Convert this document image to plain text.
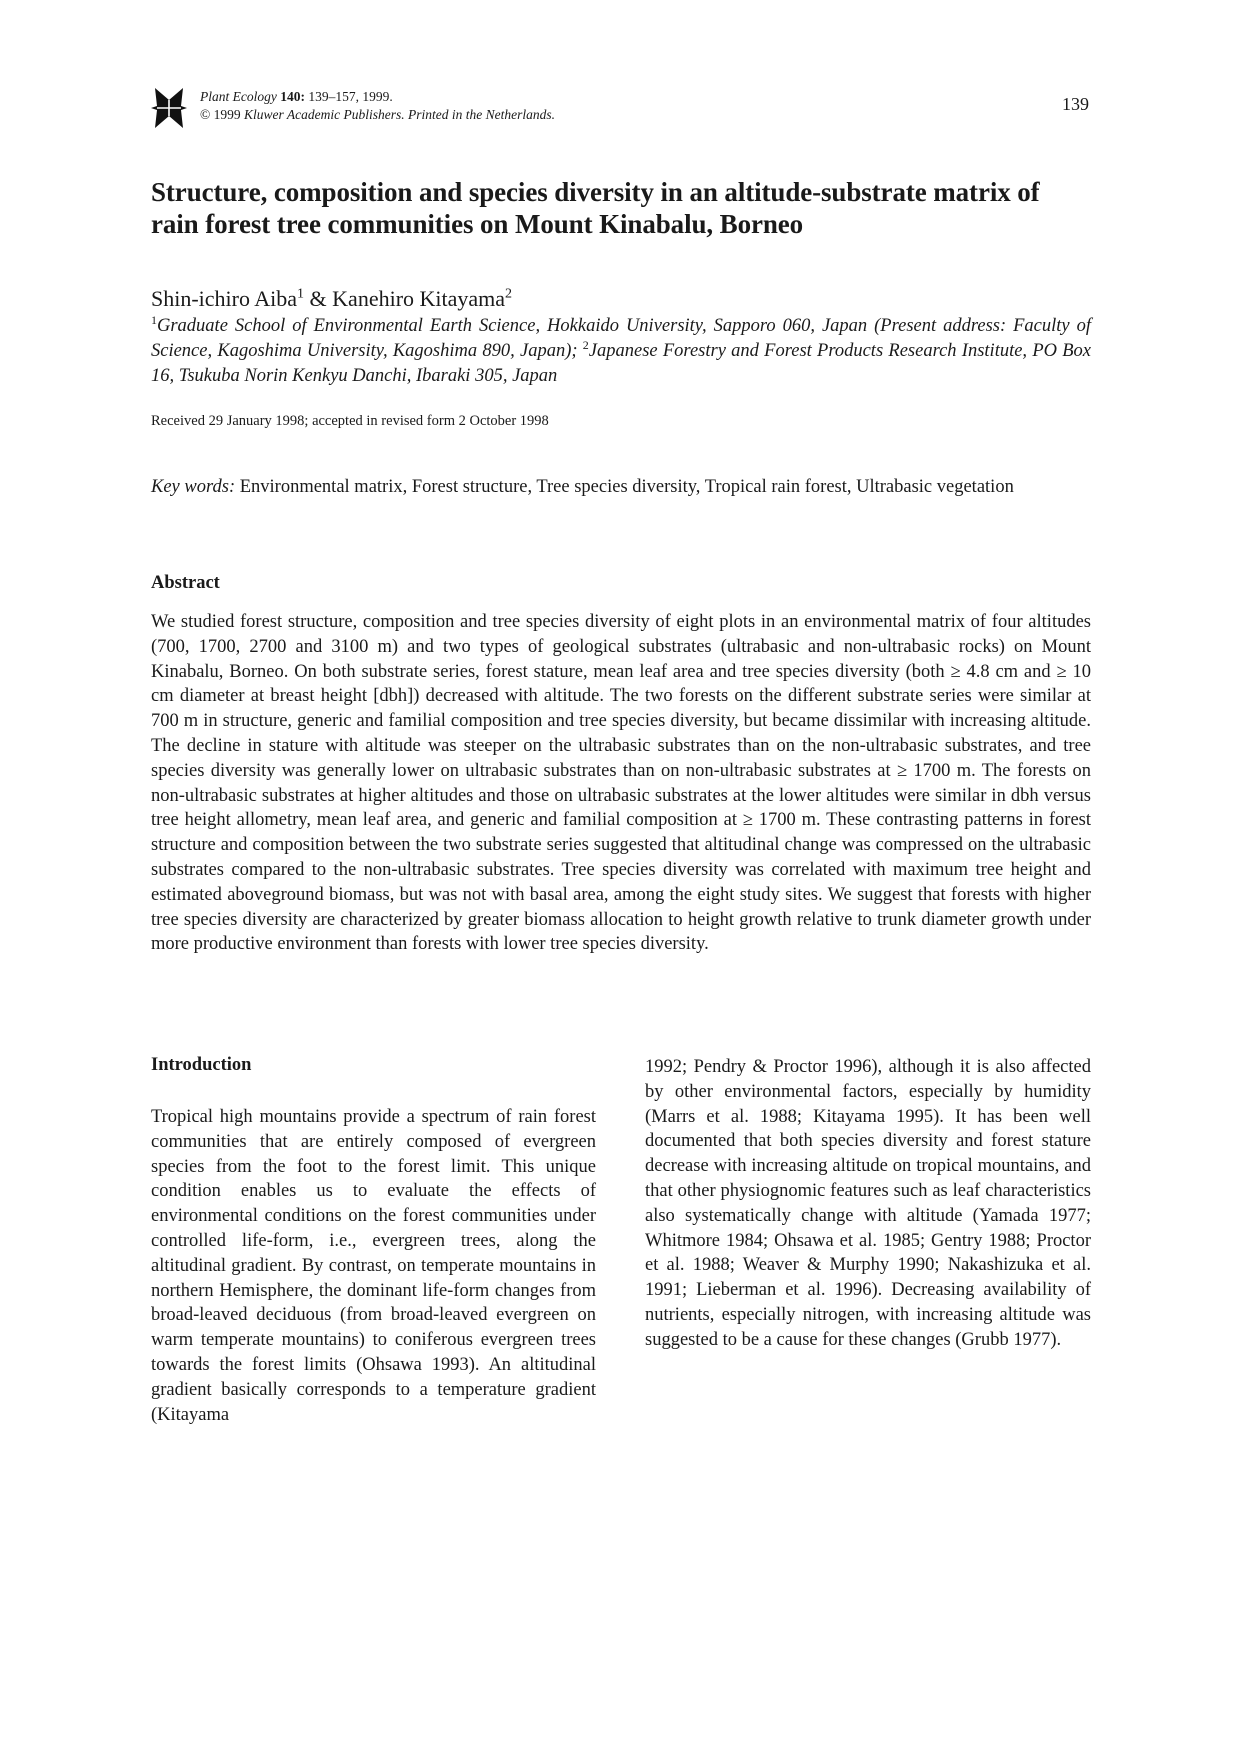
Plant Ecology 140: 139–157, 1999.
© 1999 Kluwer Academic Publishers. Printed in the Netherlands.
139
Structure, composition and species diversity in an altitude-substrate matrix of rain forest tree communities on Mount Kinabalu, Borneo
Shin-ichiro Aiba$^1$ & Kanehiro Kitayama$^2$
$^1$Graduate School of Environmental Earth Science, Hokkaido University, Sapporo 060, Japan (Present address: Faculty of Science, Kagoshima University, Kagoshima 890, Japan); $^2$Japanese Forestry and Forest Products Research Institute, PO Box 16, Tsukuba Norin Kenkyu Danchi, Ibaraki 305, Japan
Received 29 January 1998; accepted in revised form 2 October 1998
Key words: Environmental matrix, Forest structure, Tree species diversity, Tropical rain forest, Ultrabasic vegetation
Abstract

We studied forest structure, composition and tree species diversity of eight plots in an environmental matrix of four altitudes (700, 1700, 2700 and 3100 m) and two types of geological substrates (ultrabasic and non-ultrabasic rocks) on Mount Kinabalu, Borneo. On both substrate series, forest stature, mean leaf area and tree species diversity (both ≥ 4.8 cm and ≥ 10 cm diameter at breast height [dbh]) decreased with altitude. The two forests on the different substrate series were similar at 700 m in structure, generic and familial composition and tree species diversity, but became dissimilar with increasing altitude. The decline in stature with altitude was steeper on the ultrabasic substrates than on the non-ultrabasic substrates, and tree species diversity was generally lower on ultrabasic substrates than on non-ultrabasic substrates at ≥ 1700 m. The forests on non-ultrabasic substrates at higher altitudes and those on ultrabasic substrates at the lower altitudes were similar in dbh versus tree height allometry, mean leaf area, and generic and familial composition at ≥ 1700 m. These contrasting patterns in forest structure and composition between the two substrate series suggested that altitudinal change was compressed on the ultrabasic substrates compared to the non-ultrabasic substrates. Tree species diversity was correlated with maximum tree height and estimated aboveground biomass, but was not with basal area, among the eight study sites. We suggest that forests with higher tree species diversity are characterized by greater biomass allocation to height growth relative to trunk diameter growth under more productive environment than forests with lower tree species diversity.

Introduction

Tropical high mountains provide a spectrum of rain forest communities that are entirely composed of evergreen species from the foot to the forest limit. This unique condition enables us to evaluate the effects of environmental conditions on the forest communities under controlled life-form, i.e., evergreen trees, along the altitudinal gradient. By contrast, on temperate mountains in northern Hemisphere, the dominant life-form changes from broad-leaved deciduous (from broad-leaved evergreen on warm temperate mountains) to coniferous evergreen trees towards the forest limits (Ohsawa 1993). An altitudinal gradient basically corresponds to a temperature gradient (Kitayama

1992; Pendry & Proctor 1996), although it is also affected by other environmental factors, especially by humidity (Marrs et al. 1988; Kitayama 1995). It has been well documented that both species diversity and forest stature decrease with increasing altitude on tropical mountains, and that other physiognomic features such as leaf characteristics also systematically change with altitude (Yamada 1977; Whitmore 1984; Ohsawa et al. 1985; Gentry 1988; Proctor et al. 1988; Weaver & Murphy 1990; Nakashizuka et al. 1991; Lieberman et al. 1996). Decreasing availability of nutrients, especially nitrogen, with increasing altitude was suggested to be a cause for these changes (Grubb 1977).
